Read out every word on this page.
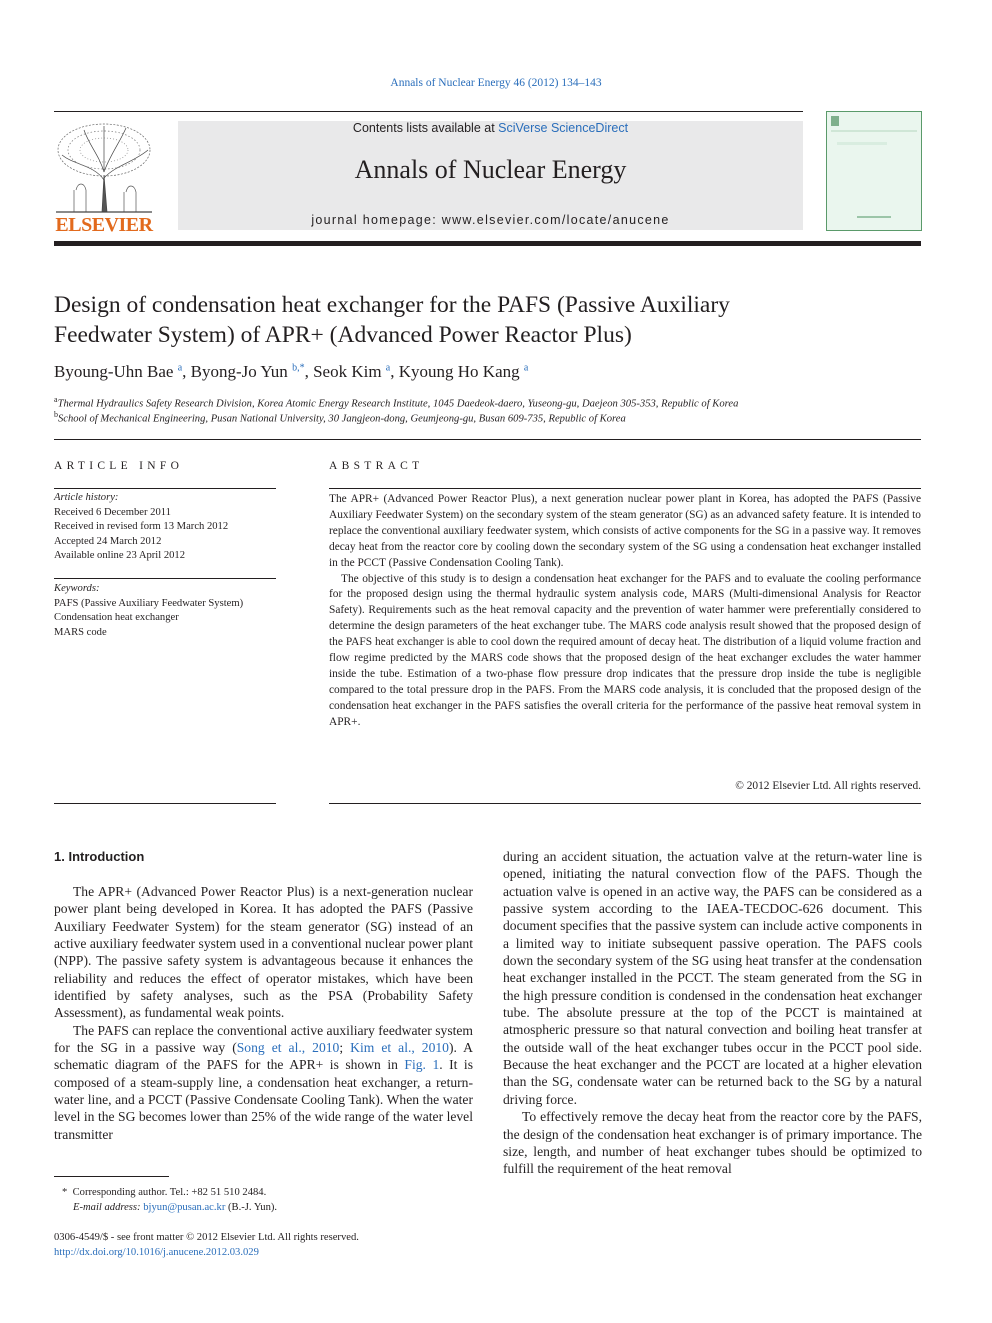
Annals of Nuclear Energy 46 (2012) 134–143
ELSEVIER
Contents lists available at SciVerse ScienceDirect
Annals of Nuclear Energy
journal homepage: www.elsevier.com/locate/anucene
Design of condensation heat exchanger for the PAFS (Passive Auxiliary
Feedwater System) of APR+ (Advanced Power Reactor Plus)
Byoung-Uhn Bae $^a$, Byong-Jo Yun $^{b,*}$, Seok Kim $^a$, Kyoung Ho Kang $^a$
$^a$Thermal Hydraulics Safety Research Division, Korea Atomic Energy Research Institute, 1045 Daedeok-daero, Yuseong-gu, Daejeon 305-353, Republic of Korea
$^b$School of Mechanical Engineering, Pusan National University, 30 Jangjeon-dong, Geumjeong-gu, Busan 609-735, Republic of Korea
ARTICLE INFO
Article history:
Received 6 December 2011
Received in revised form 13 March 2012
Accepted 24 March 2012
Available online 23 April 2012
Keywords:
PAFS (Passive Auxiliary Feedwater System)
Condensation heat exchanger
MARS code
ABSTRACT

The APR+ (Advanced Power Reactor Plus), a next generation nuclear power plant in Korea, has adopted the PAFS (Passive Auxiliary Feedwater System) on the secondary system of the steam generator (SG) as an advanced safety feature. It is intended to replace the conventional auxiliary feedwater system, which consists of active components for the SG in a passive way. It removes decay heat from the reactor core by cooling down the secondary system of the SG using a condensation heat exchanger installed in the PCCT (Passive Condensation Cooling Tank).

The objective of this study is to design a condensation heat exchanger for the PAFS and to evaluate the cooling performance for the proposed design using the thermal hydraulic system analysis code, MARS (Multi-dimensional Analysis for Reactor Safety). Requirements such as the heat removal capacity and the prevention of water hammer were preferentially considered to determine the design parameters of the heat exchanger tube. The MARS code analysis result showed that the proposed design of the PAFS heat exchanger is able to cool down the required amount of decay heat. The distribution of a liquid volume fraction and flow regime predicted by the MARS code shows that the proposed design of the heat exchanger excludes the water hammer inside the tube. Estimation of a two-phase flow pressure drop indicates that the pressure drop inside the tube is negligible compared to the total pressure drop in the PAFS. From the MARS code analysis, it is concluded that the proposed design of the condensation heat exchanger in the PAFS satisfies the overall criteria for the performance of the passive heat removal system in APR+.

© 2012 Elsevier Ltd. All rights reserved.
1. Introduction

The APR+ (Advanced Power Reactor Plus) is a next-generation nuclear power plant being developed in Korea. It has adopted the PAFS (Passive Auxiliary Feedwater System) for the steam generator (SG) instead of an active auxiliary feedwater system used in a conventional nuclear power plant (NPP). The passive safety system is advantageous because it enhances the reliability and reduces the effect of operator mistakes, which have been identified by safety analyses, such as the PSA (Probability Safety Assessment), as fundamental weak points.

The PAFS can replace the conventional active auxiliary feedwater system for the SG in a passive way (Song et al., 2010; Kim et al., 2010). A schematic diagram of the PAFS for the APR+ is shown in Fig. 1. It is composed of a steam-supply line, a condensation heat exchanger, a return-water line, and a PCCT (Passive Condensate Cooling Tank). When the water level in the SG becomes lower than 25% of the wide range of the water level transmitter

during an accident situation, the actuation valve at the return-water line is opened, initiating the natural convection flow of the PAFS. Though the actuation valve is opened in an active way, the PAFS can be considered as a passive system according to the IAEA-TECDOC-626 document. This document specifies that the passive system can include active components in a limited way to initiate subsequent passive operation. The PAFS cools down the secondary system of the SG using heat transfer at the condensation heat exchanger installed in the PCCT. The steam generated from the SG in the high pressure condition is condensed in the condensation heat exchanger tube. The absolute pressure at the top of the PCCT is maintained at atmospheric pressure so that natural convection and boiling heat transfer at the outside wall of the heat exchanger tubes occur in the PCCT pool side. Because the heat exchanger and the PCCT are located at a higher elevation than the SG, condensate water can be returned back to the SG by a natural driving force.

To effectively remove the decay heat from the reactor core by the PAFS, the design of the condensation heat exchanger is of primary importance. The size, length, and number of heat exchanger tubes should be optimized to fulfill the requirement of the heat removal

*  Corresponding author. Tel.: +82 51 510 2484.
E-mail address: bjyun@pusan.ac.kr (B.-J. Yun).
0306-4549/$ - see front matter © 2012 Elsevier Ltd. All rights reserved.
http://dx.doi.org/10.1016/j.anucene.2012.03.029
